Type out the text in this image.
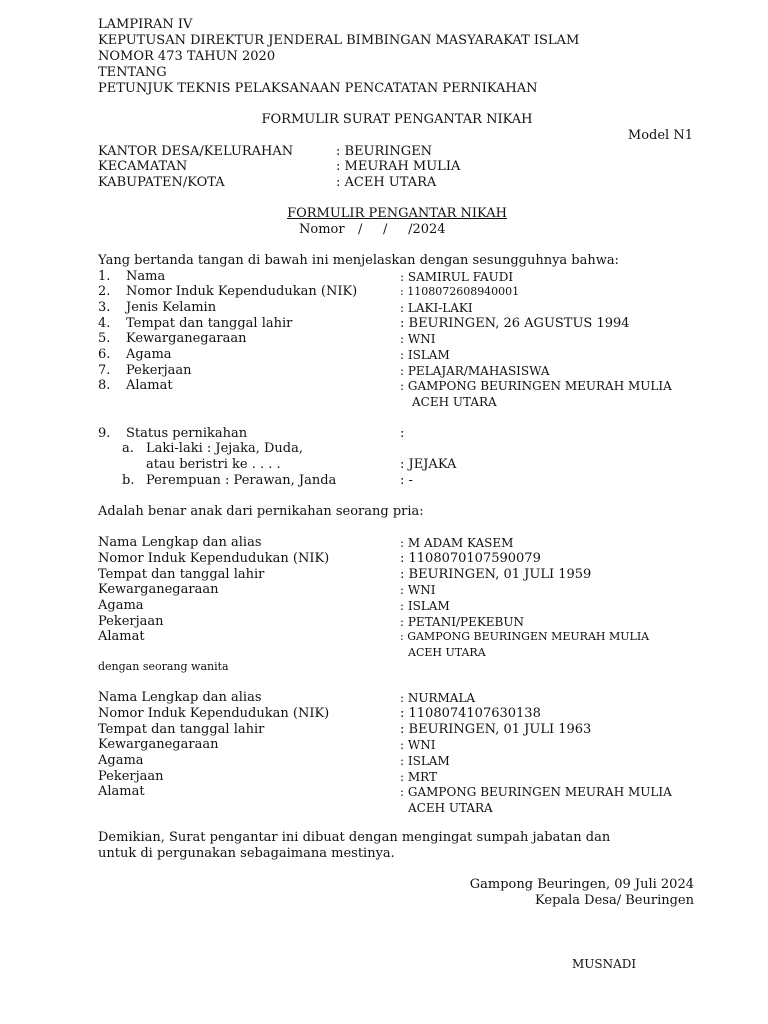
LAMPIRAN IV
KEPUTUSAN DIREKTUR JENDERAL BIMBINGAN MASYARAKAT ISLAM
NOMOR 473 TAHUN 2020
TENTANG
PETUNJUK TEKNIS PELAKSANAAN PENCATATAN PERNIKAHAN
FORMULIR SURAT PENGANTAR NIKAH
Model N1
KANTOR DESA/KELURAHAN	: BEURINGEN
KECAMATAN	: MEURAH MULIA
KABUPATEN/KOTA	: ACEH UTARA
FORMULIR PENGANTAR NIKAH
Nomor /     /     /2024
Yang bertanda tangan di bawah ini menjelaskan dengan sesungguhnya bahwa:
1. Nama	: SAMIRUL FAUDI
2. Nomor Induk Kependudukan (NIK)	: 1108072608940001
3. Jenis Kelamin	: LAKI-LAKI
4. Tempat dan tanggal lahir	: BEURINGEN, 26 AGUSTUS 1994
5. Kewarganegaraan	: WNI
6. Agama	: ISLAM
7. Pekerjaan	: PELAJAR/MAHASISWA
8. Alamat	: GAMPONG BEURINGEN MEURAH MULIA
ACEH UTARA
9. Status pernikahan	:
a. Laki-laki : Jejaka, Duda,
atau beristri ke . . . .	: JEJAKA
b. Perempuan : Perawan, Janda	: -
Adalah benar anak dari pernikahan seorang pria:
Nama Lengkap dan alias	: M ADAM KASEM
Nomor Induk Kependudukan (NIK)	: 1108070107590079
Tempat dan tanggal lahir	: BEURINGEN, 01 JULI 1959
Kewarganegaraan	: WNI
Agama	: ISLAM
Pekerjaan	: PETANI/PEKEBUN
Alamat	: GAMPONG BEURINGEN MEURAH MULIA
ACEH UTARA
dengan seorang wanita
Nama Lengkap dan alias	: NURMALA
Nomor Induk Kependudukan (NIK)	: 1108074107630138
Tempat dan tanggal lahir	: BEURINGEN, 01 JULI 1963
Kewarganegaraan	: WNI
Agama	: ISLAM
Pekerjaan	: MRT
Alamat	: GAMPONG BEURINGEN MEURAH MULIA
ACEH UTARA
Demikian, Surat pengantar ini dibuat dengan mengingat sumpah jabatan dan
untuk di pergunakan sebagaimana mestinya.
Gampong Beuringen, 09 Juli 2024
Kepala Desa/ Beuringen
MUSNADI
